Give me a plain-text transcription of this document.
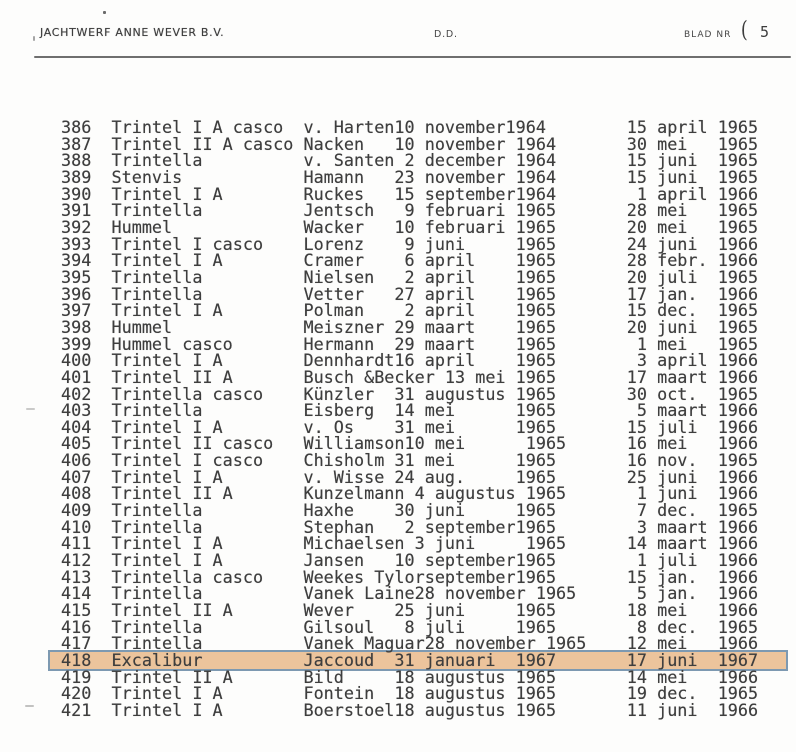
JACHTWERF ANNE WEVER B.V.	D.D.	BLAD NR ( 5
386  Trintel I A casco  v. Harten10 november1964        15 april 1965
387  Trintel II A casco Nacken   10 november 1964       30 mei   1965
388  Trintella          v. Santen 2 december 1964       15 juni  1965
389  Stenvis            Hamann   23 november 1964       15 juni  1965
390  Trintel I A        Ruckes   15 september1964        1 april 1966
391  Trintella          Jentsch   9 februari 1965       28 mei   1965
392  Hummel             Wacker   10 februari 1965       20 mei   1965
393  Trintel I casco    Lorenz    9 juni     1965       24 juni  1966
394  Trintel I A        Cramer    6 april    1965       28 febr. 1966
395  Trintella          Nielsen   2 april    1965       20 juli  1965
396  Trintella          Vetter   27 april    1965       17 jan.  1966
397  Trintel I A        Polman    2 april    1965       15 dec.  1965
398  Hummel             Meiszner 29 maart    1965       20 juni  1965
399  Hummel casco       Hermann  29 maart    1965        1 mei   1965
400  Trintel I A        Dennhardt16 april    1965        3 april 1966
401  Trintel II A       Busch &Becker 13 mei 1965       17 maart 1966
402  Trintella casco    Künzler  31 augustus 1965       30 oct.  1965
403  Trintella          Eisberg  14 mei      1965        5 maart 1966
404  Trintel I A        v. Os    31 mei      1965       15 juli  1966
405  Trintel II casco   Williamson10 mei      1965      16 mei   1966
406  Trintel I casco    Chisholm 31 mei      1965       16 nov.  1965
407  Trintel I A        v. Wisse 24 aug.     1965       25 juni  1966
408  Trintel II A       Kunzelmann 4 augustus 1965       1 juni  1966
409  Trintella          Haxhe    30 juni     1965        7 dec.  1965
410  Trintella          Stephan   2 september1965        3 maart 1966
411  Trintel I A        Michaelsen 3 juni     1965      14 maart 1966
412  Trintel I A        Jansen   10 september1965        1 juli  1966
413  Trintella casco    Weekes Tylorseptember1965       15 jan.  1966
414  Trintella          Vanek Laine28 november 1965      5 jan.  1966
415  Trintel II A       Wever    25 juni     1965       18 mei   1966
416  Trintella          Gilsoul   8 juli     1965        8 dec.  1965
417  Trintella          Vanek Maguar28 november 1965    12 mei   1966
418  Excalibur          Jaccoud  31 januari  1967       17 juni  1967
419  Trintel II A       Bild     18 augustus 1965       14 mei   1966
420  Trintel I A        Fontein  18 augustus 1965       19 dec.  1965
421  Trintel I A        Boerstoel18 augustus 1965       11 juni  1966
